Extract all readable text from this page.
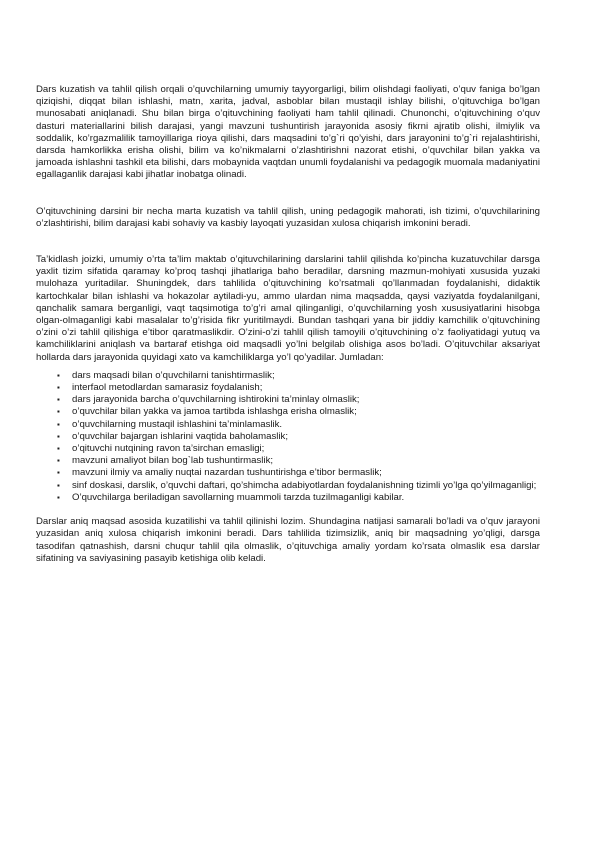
Dars kuzatish va tahlil qilish orqali o’quvchilarning umumiy tayyorgarligi, bilim olishdagi faoliyati, o’quv faniga bo’lgan qiziqishi, diqqat bilan ishlashi, matn, xarita, jadval, asboblar bilan mustaqil ishlay bilishi, o’qituvchiga bo’lgan munosabati aniqlanadi. Shu bilan birga o’qituvchining faoliyati ham tahlil qilinadi. Chunonchi, o’qituvchining o‘quv dasturi materiallarini bilish darajasi, yangi mavzuni tushuntirish jarayonida asosiy fikrni ajratib olishi, ilmiylik va soddalik, ko’rgazmalilik tamoyillariga rioya qilishi, dars maqsadini to’g`ri qo’yishi, dars jarayonini to’g`ri rejalashtirishi, darsda hamkorlikka erisha olishi, bilim va ko’nikmalarni o’zlashtirishni nazorat etishi, o’quvchilar bilan yakka va jamoada ishlashni tashkil eta bilishi, dars mobaynida vaqtdan unumli foydalanishi va pedagogik muomala madaniyatini egallaganlik darajasi kabi jihatlar inobatga olinadi.

O’qituvchining darsini bir necha marta kuzatish va tahlil qilish, uning pedagogik mahorati, ish tizimi, o’quvchilarining o’zlashtirishi, bilim darajasi kabi sohaviy va kasbiy layoqati yuzasidan xulosa chiqarish imkonini beradi.

Ta’kidlash joizki, umumiy o’rta ta’lim maktab o’qituvchilarining darslarini tahlil qilishda ko’pincha kuzatuvchilar darsga yaxlit tizim sifatida qaramay ko’proq tashqi jihatlariga baho beradilar, darsning mazmun-mohiyati xususida yuzaki mulohaza yuritadilar. Shuningdek, dars tahlilida o’qituvchining ko’rsatmali qo’llanmadan foydalanishi, didaktik kartochkalar bilan ishlashi va hokazolar aytiladi-yu, ammo ulardan nima maqsadda, qaysi vaziyatda foydalanilgani, qanchalik samara berganligi, vaqt taqsimotiga to’g’ri amal qilinganligi, o’quvchilarning yosh xususiyatlarini hisobga olgan-olmaganligi kabi masalalar to’g’risida fikr yuritilmaydi. Bundan tashqari yana bir jiddiy kamchilik o’qituvchining o’zini o’zi tahlil qilishiga e’tibor qaratmaslikdir. O’zini-o’zi tahlil qilish tamoyili o’qituvchining o’z faoliyatidagi yutuq va kamchiliklarini aniqlash va bartaraf etishga oid maqsadli yo’lni belgilab olishiga asos bo’ladi. O’qituvchilar aksariyat hollarda dars jarayonida quyidagi xato va kamchiliklarga yo’l qo’yadilar. Jumladan:

▪ dars maqsadi bilan o’quvchilarni tanishtirmaslik;
▪ interfaol metodlardan samarasiz foydalanish;
▪ dars jarayonida barcha o’quvchilarning ishtirokini ta’minlay olmaslik;
▪ o’quvchilar bilan yakka va jamoa tartibda ishlashga erisha olmaslik;
▪ o’quvchilarning mustaqil ishlashini ta’minlamaslik.
▪ o’quvchilar bajargan ishlarini vaqtida baholamaslik;
▪ o’qituvchi nutqining ravon ta’sirchan emasligi;
▪ mavzuni amaliyot bilan bog`lab tushuntirmaslik;
▪ mavzuni ilmiy va amaliy nuqtai nazardan tushuntirishga e’tibor bermaslik;
▪ sinf doskasi, darslik, o’quvchi daftari, qo’shimcha adabiyotlardan foydalanishning tizimli yo’lga qo’yilmaganligi;
▪ O’quvchilarga beriladigan savollarning muammoli tarzda tuzilmaganligi kabilar.

Darslar aniq maqsad asosida kuzatilishi va tahlil qilinishi lozim. Shundagina natijasi samarali bo’ladi va o’quv jarayoni yuzasidan aniq xulosa chiqarish imkonini beradi. Dars tahlilida tizimsizlik, aniq bir maqsadning yo’qligi, darsga tasodifan qatnashish, darsni chuqur tahlil qila olmaslik, o’qituvchiga amaliy yordam ko’rsata olmaslik esa darslar sifatining va saviyasining pasayib ketishiga olib keladi.
